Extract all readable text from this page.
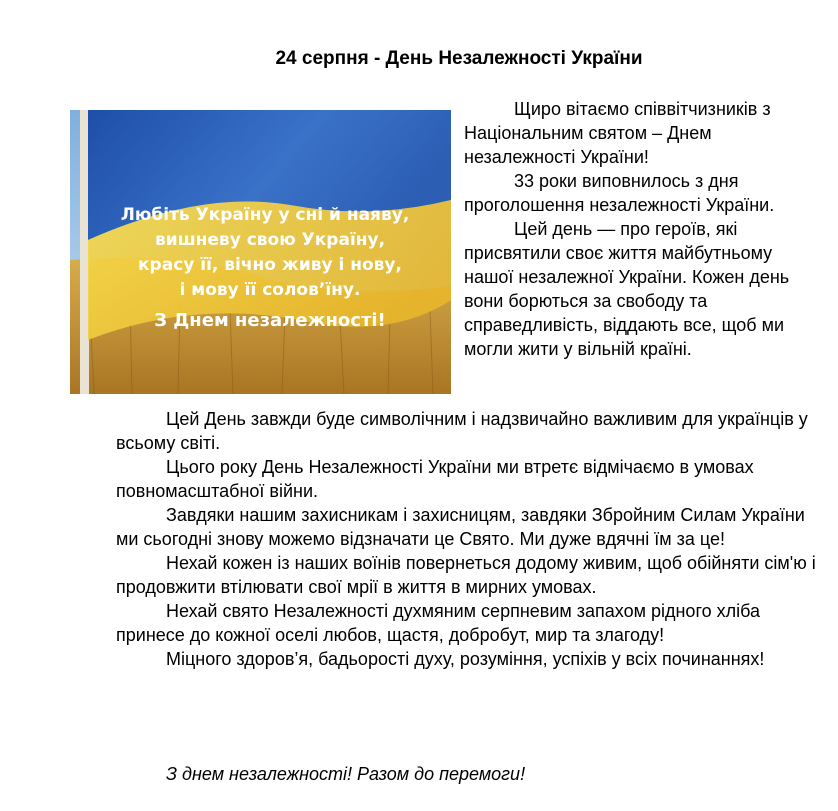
24 серпня - День Незалежності України
Любіть Україну у сні й наяву,
вишневу свою Україну,
красу її, вічно живу і нову,
і мову її солов’їну.
З Днем незалежності!

Щиро вітаємо співвітчизників з Національним святом – Днем незалежності України!

33 роки виповнилось з дня проголошення незалежності України.

Цей день — про героїв, які присвятили своє життя майбутньому нашої незалежної України. Кожен день вони борються за свободу та справедливість, віддають все, щоб ми могли жити у вільній країні.

Цей День завжди буде символічним і надзвичайно важливим для українців у всьому світі.

Цього року День Незалежності України ми втретє відмічаємо в умовах повномасштабної війни.

Завдяки нашим захисникам і захисницям, завдяки Збройним Силам України ми сьогодні знову можемо відзначати це Свято. Ми дуже вдячні їм за це!

Нехай кожен із наших воїнів повернеться додому живим, щоб обійняти сім'ю і продовжити втілювати свої мрії в життя в мирних умовах.

Нехай свято Незалежності духмяним серпневим запахом рідного хліба принесе до кожної оселі любов, щастя, добробут, мир та злагоду!

Міцного здоров’я, бадьорості духу, розуміння, успіхів у всіх починаннях!

З днем незалежності! Разом до перемоги!
